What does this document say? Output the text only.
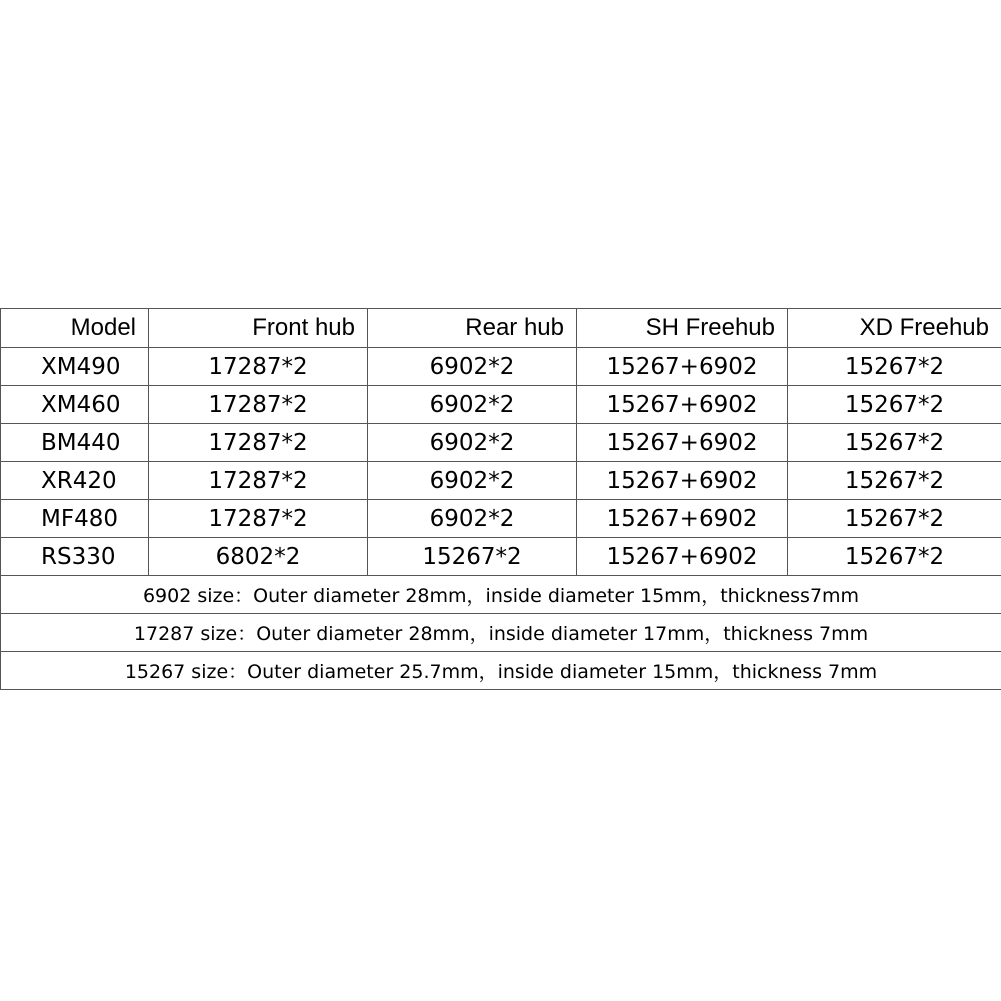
Model	Front hub	Rear hub	SH Freehub	XD Freehub
XM490	17287*2	6902*2	15267+6902	15267*2
XM460	17287*2	6902*2	15267+6902	15267*2
BM440	17287*2	6902*2	15267+6902	15267*2
XR420	17287*2	6902*2	15267+6902	15267*2
MF480	17287*2	6902*2	15267+6902	15267*2
RS330	6802*2	15267*2	15267+6902	15267*2
6902 size：Outer diameter 28mm，inside diameter 15mm，thickness7mm				
17287 size：Outer diameter 28mm，inside diameter 17mm，thickness 7mm				
15267 size：Outer diameter 25.7mm，inside diameter 15mm，thickness 7mm				
